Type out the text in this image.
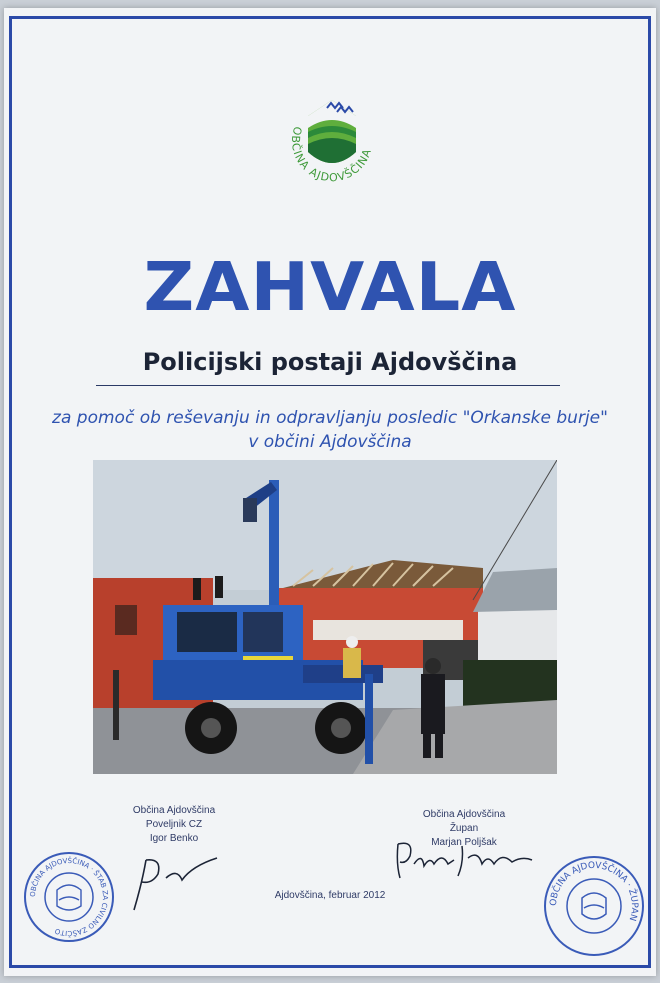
OBČINA AJDOVŠČINA
ZAHVALA
Policijski postaji Ajdovščina
za pomoč ob reševanju in odpravljanju posledic "Orkanske burje"
v občini Ajdovščina
Občina Ajdovščina
Poveljnik CZ
Igor Benko
Občina Ajdovščina
Župan
Marjan Poljšak
Ajdovščina, februar 2012
OBČINA AJDOVŠČINA · ŠTAB ZA CIVILNO ZAŠČITO
OBČINA AJDOVŠČINA · ŽUPAN
